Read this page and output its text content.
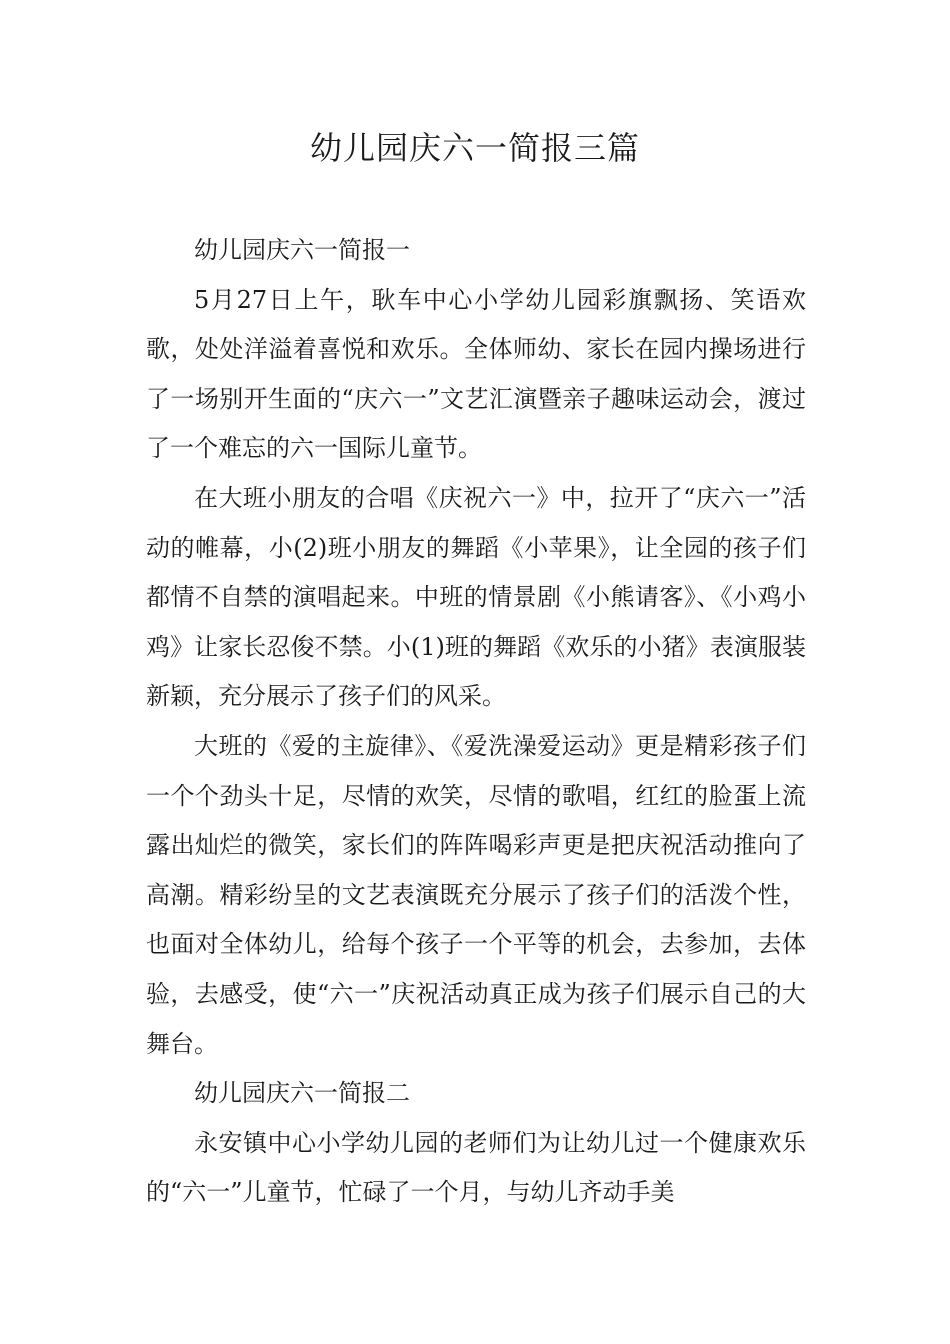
幼儿园庆六一简报三篇

幼儿园庆六一简报一

5月27日上午，耿车中心小学幼儿园彩旗飘扬、笑语欢歌，处处洋溢着喜悦和欢乐。全体师幼、家长在园内操场进行了一场别开生面的“庆六一”文艺汇演暨亲子趣味运动会，渡过了一个难忘的六一国际儿童节。

在大班小朋友的合唱《庆祝六一》中，拉开了“庆六一”活动的帷幕，小(2)班小朋友的舞蹈《小苹果》，让全园的孩子们都情不自禁的演唱起来。中班的情景剧《小熊请客》、《小鸡小鸡》让家长忍俊不禁。小(1)班的舞蹈《欢乐的小猪》表演服装新颖，充分展示了孩子们的风采。

大班的《爱的主旋律》、《爱洗澡爱运动》更是精彩孩子们一个个劲头十足，尽情的欢笑，尽情的歌唱，红红的脸蛋上流露出灿烂的微笑，家长们的阵阵喝彩声更是把庆祝活动推向了高潮。精彩纷呈的文艺表演既充分展示了孩子们的活泼个性，也面对全体幼儿，给每个孩子一个平等的机会，去参加，去体验，去感受，使“六一”庆祝活动真正成为孩子们展示自己的大舞台。

幼儿园庆六一简报二

永安镇中心小学幼儿园的老师们为让幼儿过一个健康欢乐的“六一”儿童节，忙碌了一个月，与幼儿齐动手美
